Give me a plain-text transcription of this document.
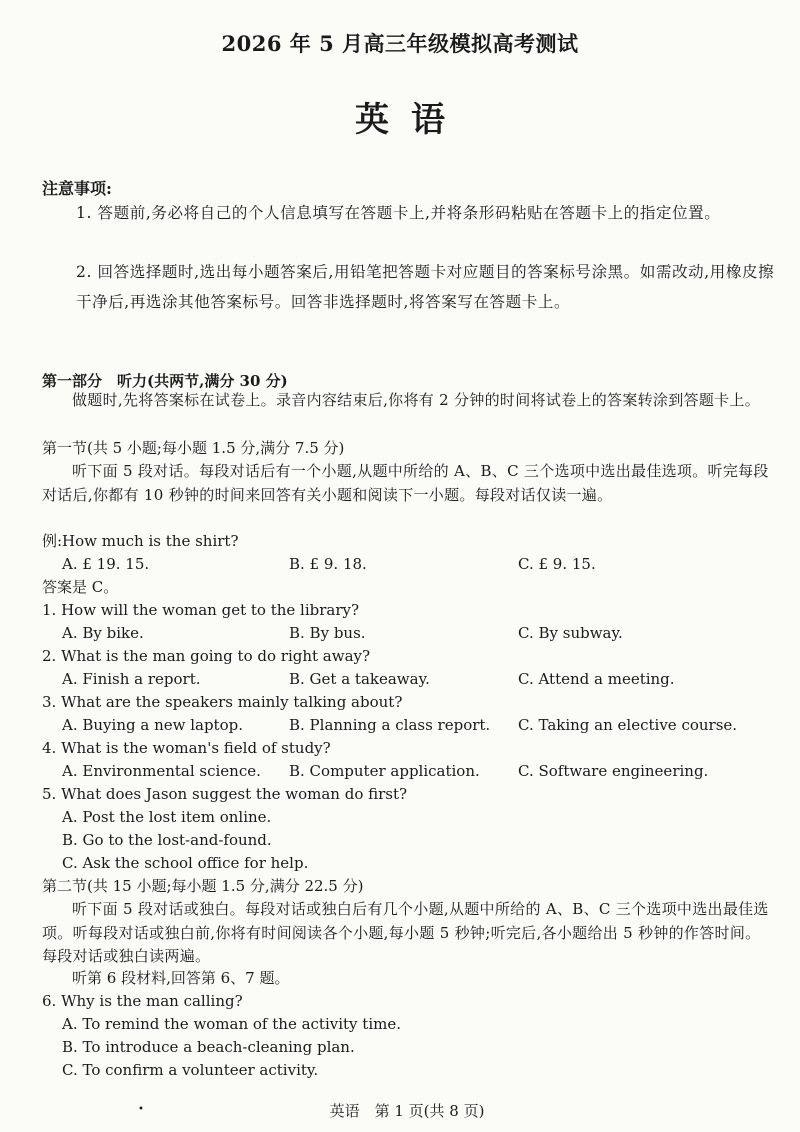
2026 年 5 月高三年级模拟高考测试
英语
注意事项:
1. 答题前,务必将自己的个人信息填写在答题卡上,并将条形码粘贴在答题卡上的指定位置。
2. 回答选择题时,选出每小题答案后,用铅笔把答题卡对应题目的答案标号涂黑。如需改动,用橡皮擦干净后,再选涂其他答案标号。回答非选择题时,将答案写在答题卡上。
第一部分　听力(共两节,满分 30 分)
做题时,先将答案标在试卷上。录音内容结束后,你将有 2 分钟的时间将试卷上的答案转涂到答题卡上。
第一节(共 5 小题;每小题 1.5 分,满分 7.5 分)
听下面 5 段对话。每段对话后有一个小题,从题中所给的 A、B、C 三个选项中选出最佳选项。听完每段对话后,你都有 10 秒钟的时间来回答有关小题和阅读下一小题。每段对话仅读一遍。
例:How much is the shirt?
A. £ 19. 15.	B. £ 9. 18.	C. £ 9. 15.
答案是 C。
1. How will the woman get to the library?
A. By bike.	B. By bus.	C. By subway.
2. What is the man going to do right away?
A. Finish a report.	B. Get a takeaway.	C. Attend a meeting.
3. What are the speakers mainly talking about?
A. Buying a new laptop.	B. Planning a class report. C. Taking an elective course.
4. What is the woman's field of study?
A. Environmental science. B. Computer application.	C. Software engineering.
5. What does Jason suggest the woman do first?
A. Post the lost item online.
B. Go to the lost-and-found.
C. Ask the school office for help.
第二节(共 15 小题;每小题 1.5 分,满分 22.5 分)
听下面 5 段对话或独白。每段对话或独白后有几个小题,从题中所给的 A、B、C 三个选项中选出最佳选项。听每段对话或独白前,你将有时间阅读各个小题,每小题 5 秒钟;听完后,各小题给出 5 秒钟的作答时间。每段对话或独白读两遍。
听第 6 段材料,回答第 6、7 题。
6. Why is the man calling?
A. To remind the woman of the activity time.
B. To introduce a beach-cleaning plan.
C. To confirm a volunteer activity.
•	英语　第 1 页(共 8 页)
